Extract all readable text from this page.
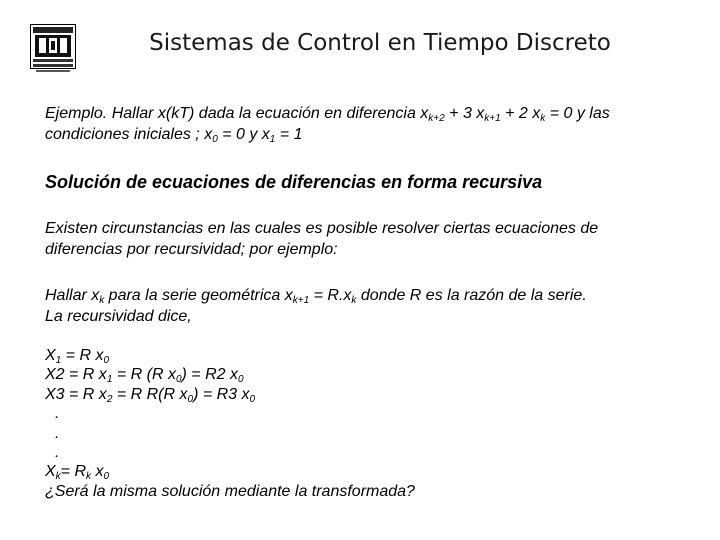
Sistemas de Control en Tiempo Discreto
Ejemplo. Hallar x(kT) dada la ecuación en diferencia $x_{k+2} + 3$ $x_{k+1} + 2$ $x_k = 0$ y las
condiciones iniciales ; $x_0 = 0$ y $x_1 = 1$
Solución de ecuaciones de diferencias en forma recursiva
Existen circunstancias en las cuales es posible resolver ciertas ecuaciones de
diferencias por recursividad; por ejemplo:
Hallar $x_k$ para la serie geométrica $x_{k+1} = R.x_k$ donde R es la razón de la serie.
La recursividad dice,
$X_1 = R$ $x_0$
X2 = R $x_1 = R$ (R $x_0) = R2$ $x_0$
X3 = R $x_2 = R$ R(R $x_0) = R3$ $x_0$
.
.
.
$X_k= R_k$ $x_0$
¿Será la misma solución mediante la transformada?
